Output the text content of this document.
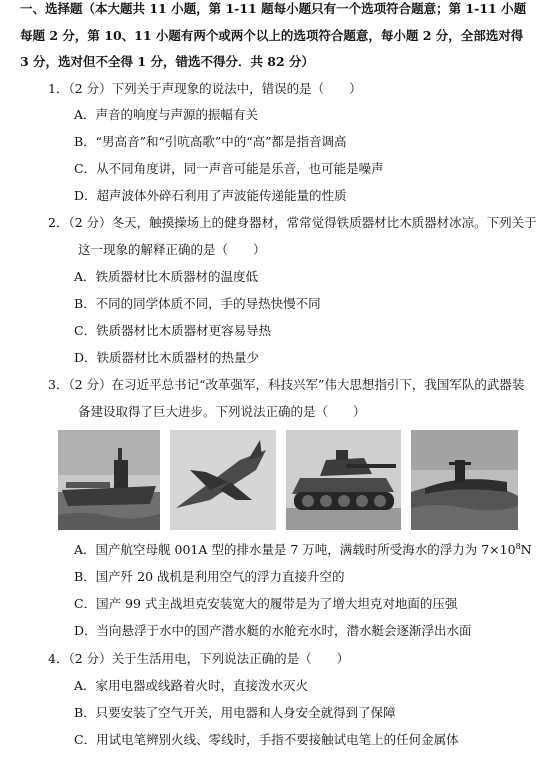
一、选择题（本大题共 11 小题，第 1-11 题每小题只有一个选项符合题意；第 1-11 小题
每题 2 分，第 10、11 小题有两个或两个以上的选项符合题意，每小题 2 分，全部选对得
3 分，选对但不全得 1 分，错选不得分．共 82 分）
1．（2 分）下列关于声现象的说法中，错误的是（　　）
A．声音的响度与声源的振幅有关
B．“男高音”和“引吭高歌”中的“高”都是指音调高
C．从不同角度讲，同一声音可能是乐音，也可能是噪声
D．超声波体外碎石利用了声波能传递能量的性质
2．（2 分）冬天，触摸操场上的健身器材，常常觉得铁质器材比木质器材冰凉。下列关于
这一现象的解释正确的是（　　）
A．铁质器材比木质器材的温度低
B．不同的同学体质不同，手的导热快慢不同
C．铁质器材比木质器材更容易导热
D．铁质器材比木质器材的热量少
3．（2 分）在习近平总书记“改革强军，科技兴军”伟大思想指引下，我国军队的武器装
备建设取得了巨大进步。下列说法正确的是（　　）
A．国产航空母舰 001A 型的排水量是 7 万吨，满载时所受海水的浮力为 $7\times 10^8N$
B．国产歼 20 战机是利用空气的浮力直接升空的
C．国产 99 式主战坦克安装宽大的履带是为了增大坦克对地面的压强
D．当向悬浮于水中的国产潜水艇的水舱充水时，潜水艇会逐渐浮出水面
4．（2 分）关于生活用电，下列说法正确的是（　　）
A．家用电器或线路着火时，直接泼水灭火
B．只要安装了空气开关，用电器和人身安全就得到了保障
C．用试电笔辨别火线、零线时，手指不要接触试电笔上的任何金属体
